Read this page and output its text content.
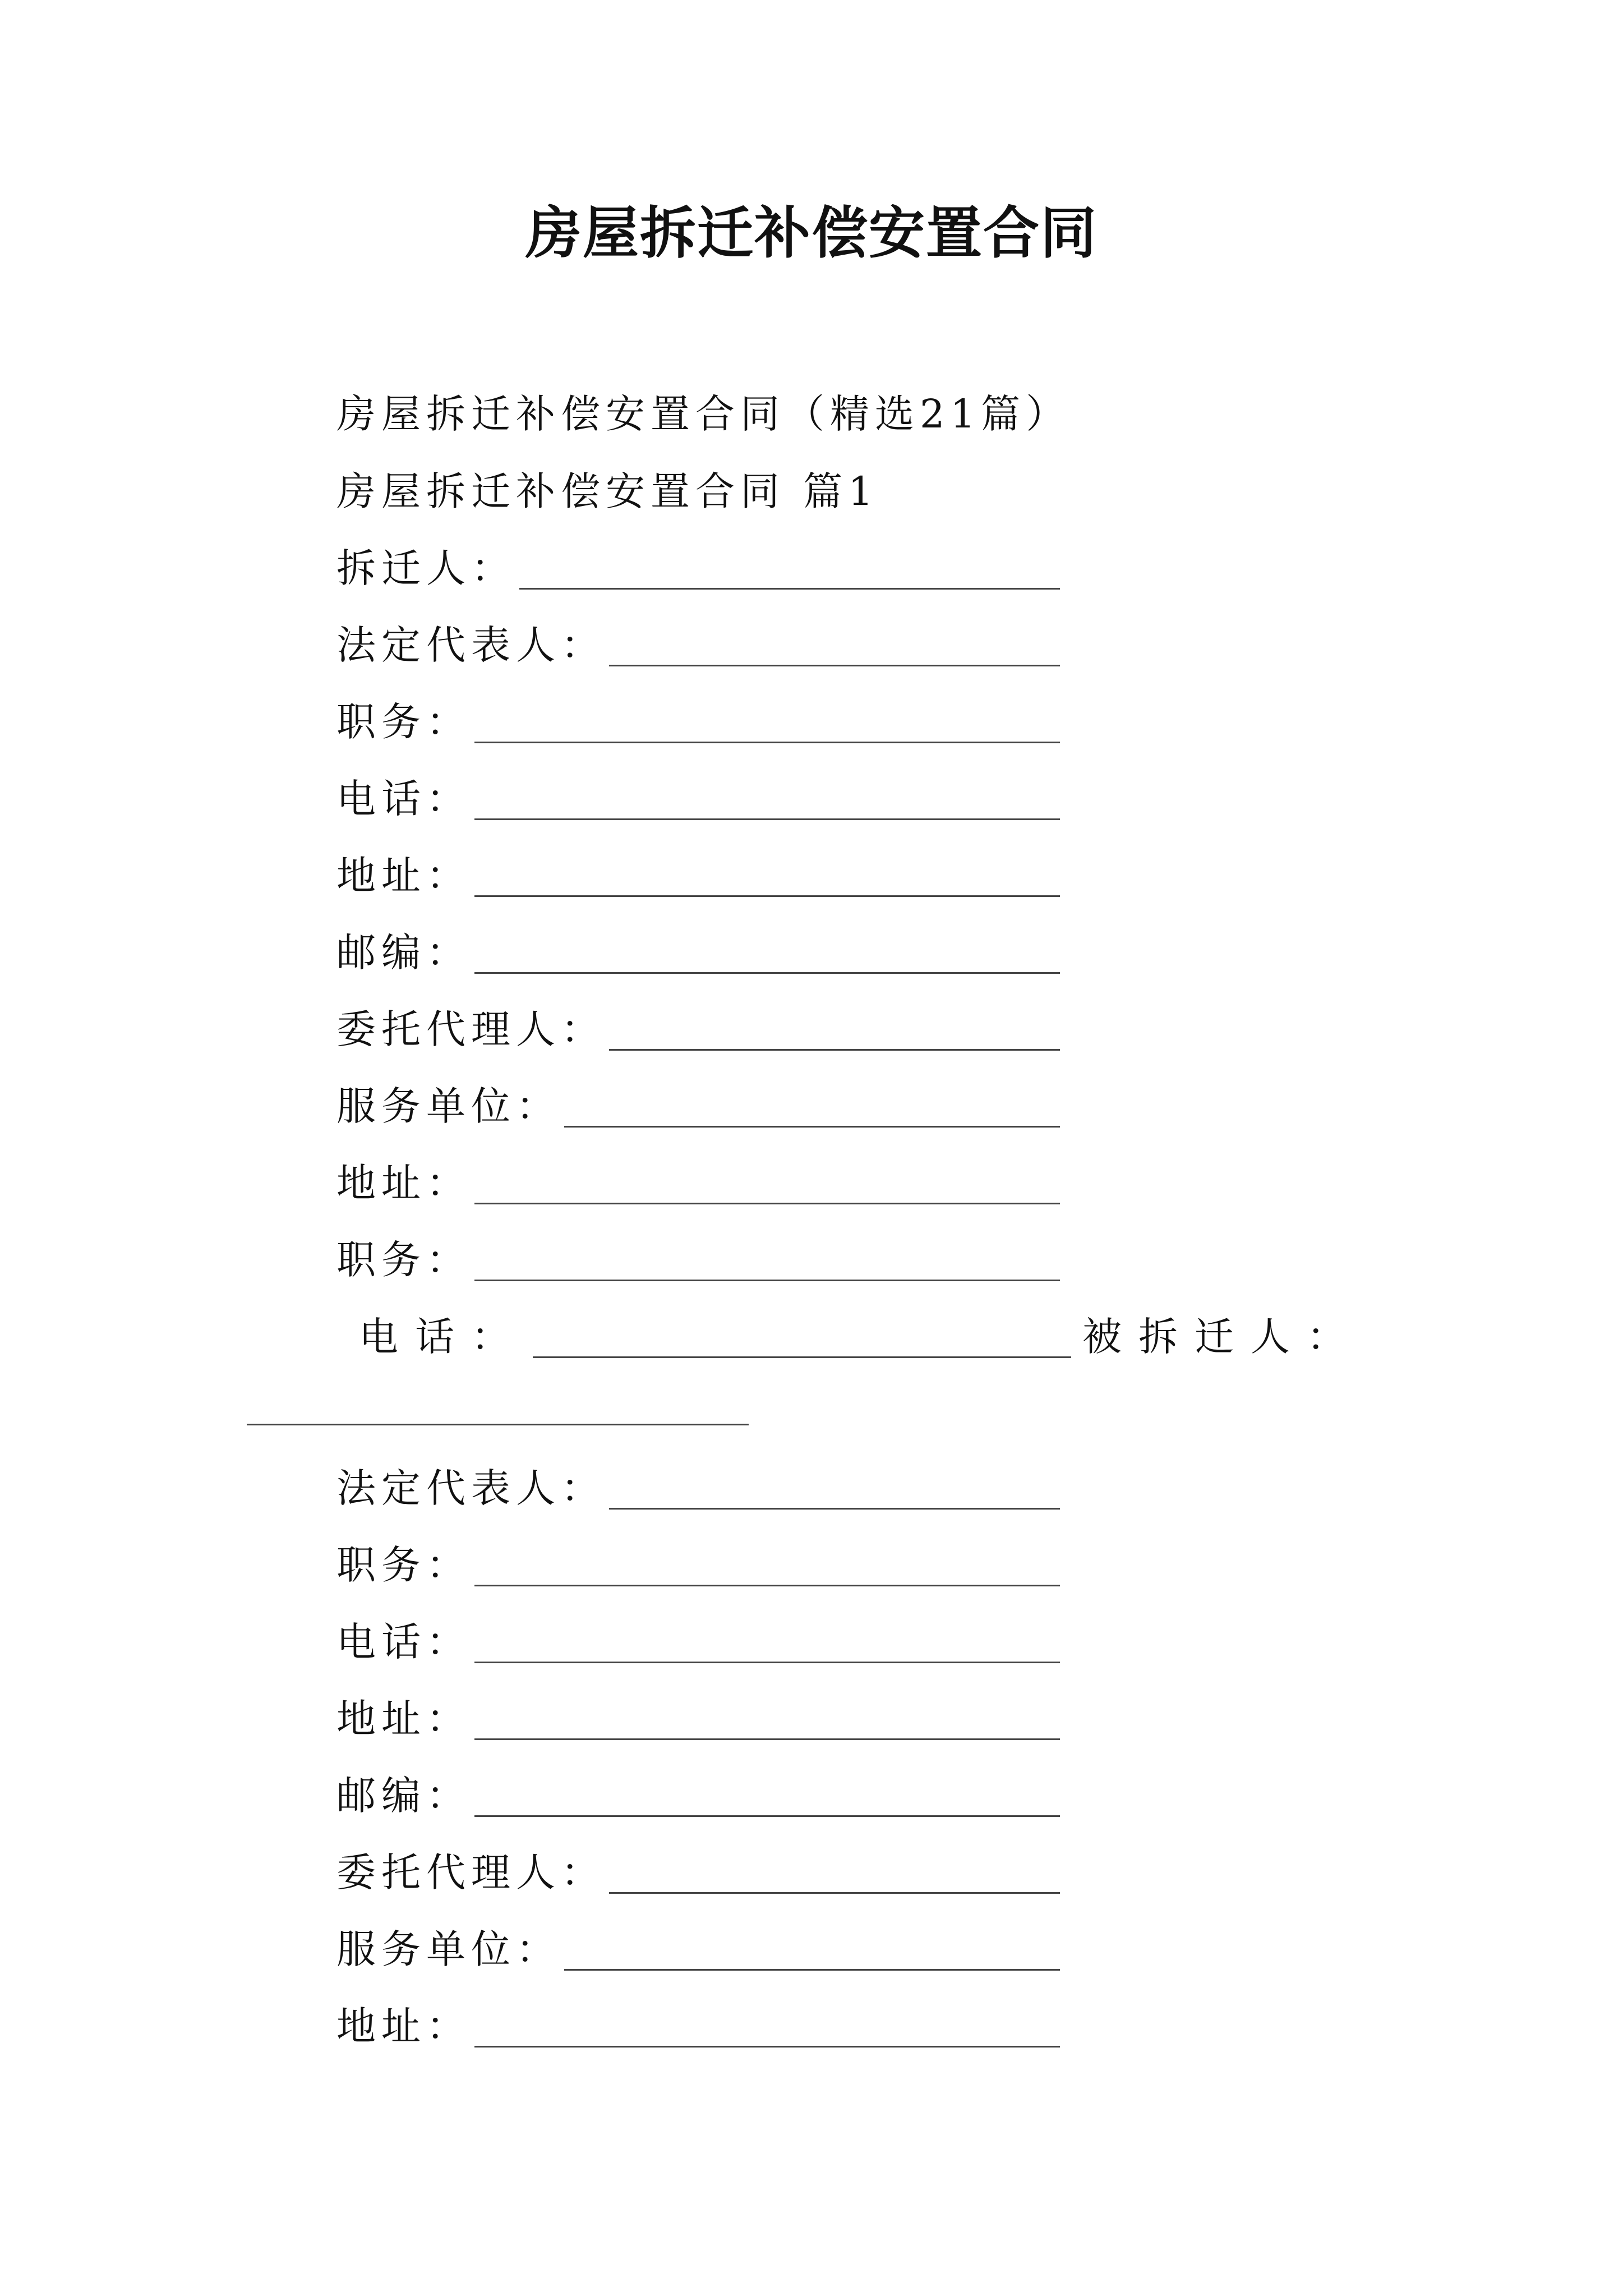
房屋拆迁补偿安置合同
房屋拆迁补偿安置合同（精选21篇）
房屋拆迁补偿安置合同 篇1
拆迁人：
法定代表人：
职务：
电话：
地址：
邮编：
委托代理人：
服务单位：
地址：
职务：
电话：	被拆迁人：
法定代表人：
职务：
电话：
地址：
邮编：
委托代理人：
服务单位：
地址：
